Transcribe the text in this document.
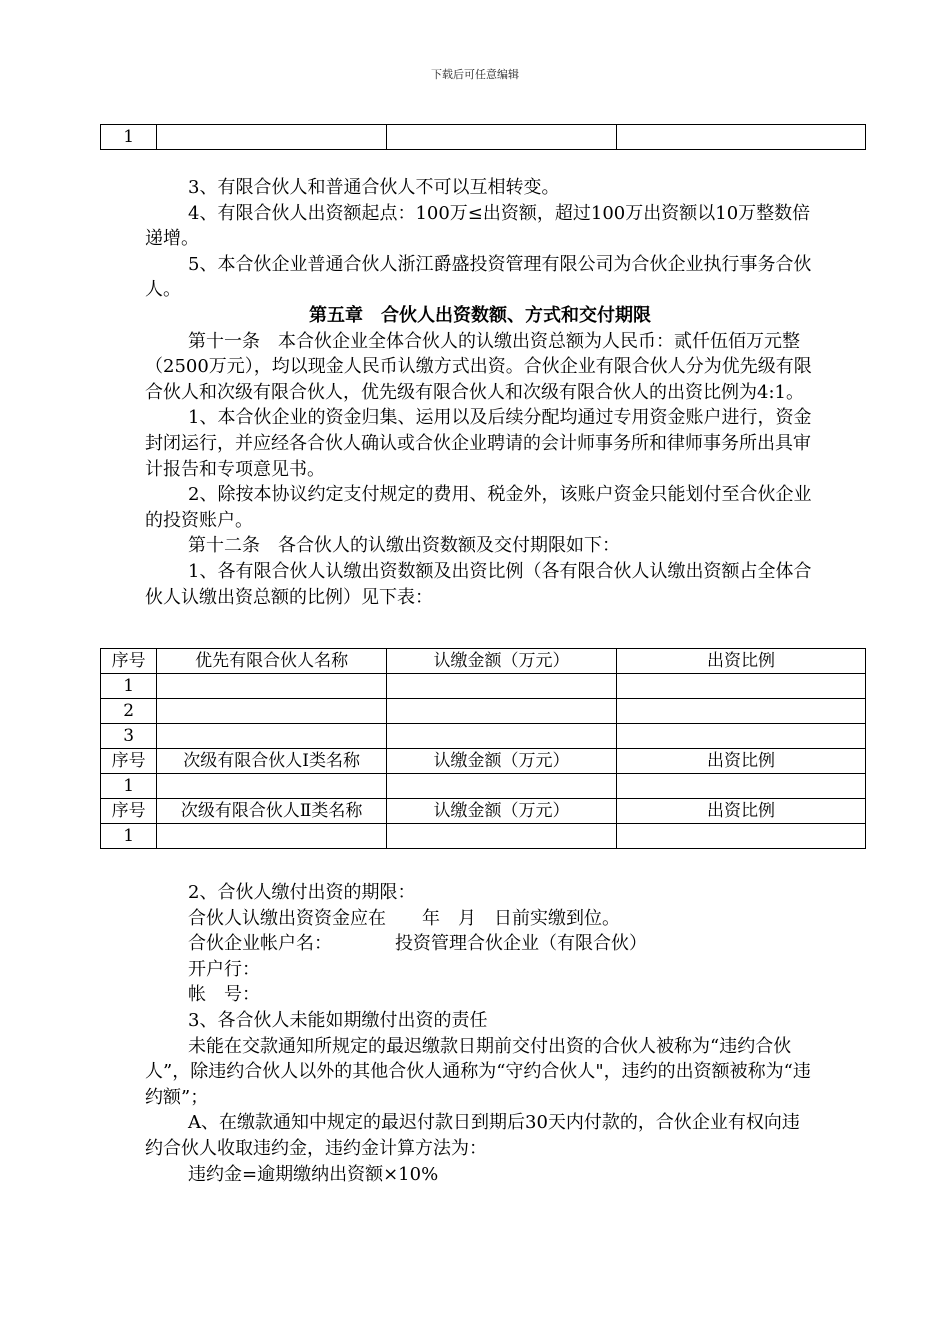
下载后可任意编辑
1			

3、有限合伙人和普通合伙人不可以互相转变。

4、有限合伙人出资额起点：100万≤出资额，超过100万出资额以10万整数倍递增。

5、本合伙企业普通合伙人浙江爵盛投资管理有限公司为合伙企业执行事务合伙人。

第五章　合伙人出资数额、方式和交付期限

第十一条　本合伙企业全体合伙人的认缴出资总额为人民币：贰仟伍佰万元整（2500万元），均以现金人民币认缴方式出资。合伙企业有限合伙人分为优先级有限合伙人和次级有限合伙人，优先级有限合伙人和次级有限合伙人的出资比例为4:1。

1、本合伙企业的资金归集、运用以及后续分配均通过专用资金账户进行，资金封闭运行，并应经各合伙人确认或合伙企业聘请的会计师事务所和律师事务所出具审计报告和专项意见书。

2、除按本协议约定支付规定的费用、税金外，该账户资金只能划付至合伙企业的投资账户。

第十二条　各合伙人的认缴出资数额及交付期限如下：

1、各有限合伙人认缴出资数额及出资比例（各有限合伙人认缴出资额占全体合伙人认缴出资总额的比例）见下表：

序号	优先有限合伙人名称	认缴金额（万元）	出资比例
1			
2			
3			
序号	次级有限合伙人Ⅰ类名称	认缴金额（万元）	出资比例
1			
序号	次级有限合伙人Ⅱ类名称	认缴金额（万元）	出资比例
1			

2、合伙人缴付出资的期限：

合伙人认缴出资资金应在　　年　月　日前实缴到位。

合伙企业帐户名：　　　　投资管理合伙企业（有限合伙）

开户行：

帐　号：

3、各合伙人未能如期缴付出资的责任

未能在交款通知所规定的最迟缴款日期前交付出资的合伙人被称为“违约合伙人”，除违约合伙人以外的其他合伙人通称为“守约合伙人"，违约的出资额被称为“违约额”；

A、在缴款通知中规定的最迟付款日到期后30天内付款的，合伙企业有权向违约合伙人收取违约金，违约金计算方法为：

违约金=逾期缴纳出资额×10%
